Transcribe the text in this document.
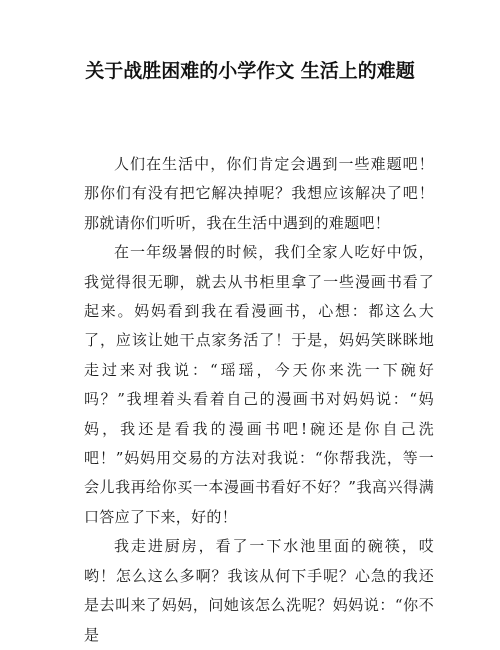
关于战胜困难的小学作文 生活上的难题

人们在生活中，你们肯定会遇到一些难题吧！那你们有没有把它解决掉呢？我想应该解决了吧！那就请你们听听，我在生活中遇到的难题吧！

在一年级暑假的时候，我们全家人吃好中饭，我觉得很无聊，就去从书柜里拿了一些漫画书看了起来。妈妈看到我在看漫画书，心想：都这么大了，应该让她干点家务活了！于是，妈妈笑眯眯地走过来对我说：“瑶瑶，今天你来洗一下碗好吗？”我埋着头看着自己的漫画书对妈妈说：“妈妈，我还是看我的漫画书吧!碗还是你自己洗吧！”妈妈用交易的方法对我说：“你帮我洗，等一会儿我再给你买一本漫画书看好不好？”我高兴得满口答应了下来，好的！

我走进厨房，看了一下水池里面的碗筷，哎哟！怎么这么多啊？我该从何下手呢？心急的我还是去叫来了妈妈，问她该怎么洗呢？妈妈说：“你不是
